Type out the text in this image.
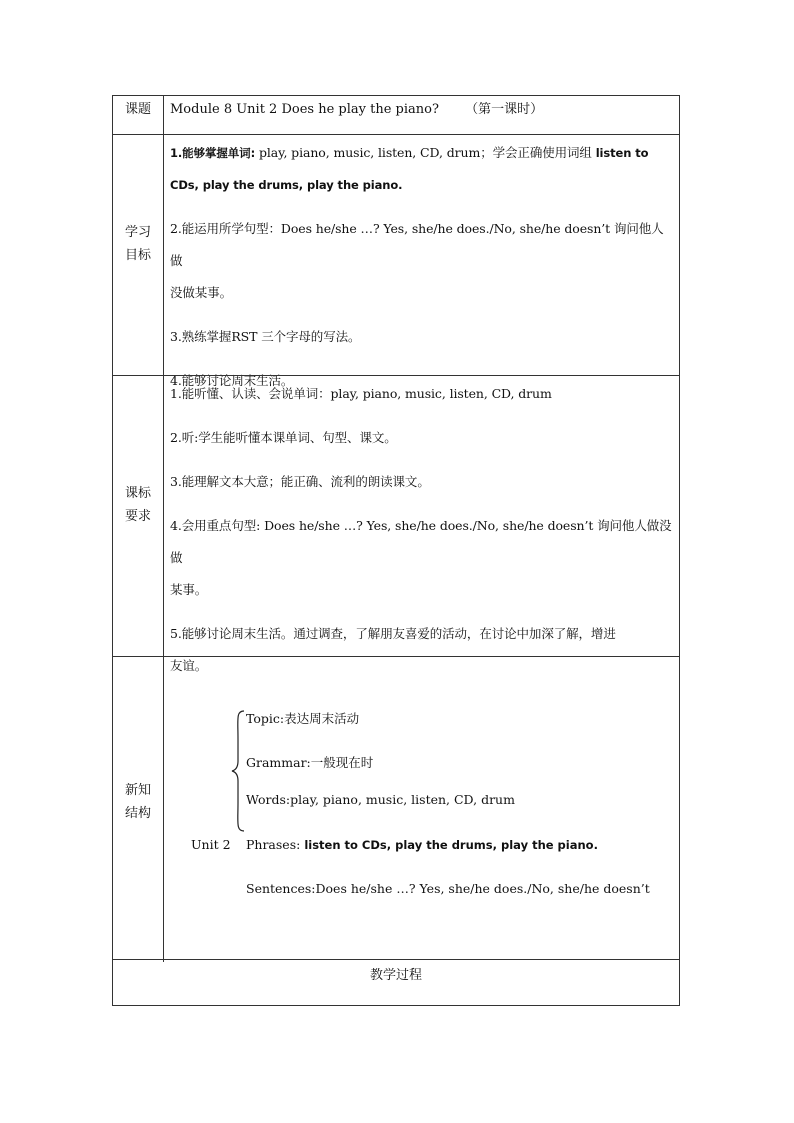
课题	Module 8 Unit 2 Does he play the piano? （第一课时）
学习
目标

1.能够掌握单词: play, piano, music, listen, CD, drum；学会正确使用词组 listen to

CDs, play the drums, play the piano.

2.能运用所学句型：Does he/she …? Yes, she/he does./No, she/he doesn’t 询问他人做

没做某事。

3.熟练掌握RST 三个字母的写法。

4.能够讨论周末生活。

课标
要求

1.能听懂、认读、会说单词：play, piano, music, listen, CD, drum

2.听:学生能听懂本课单词、句型、课文。

3.能理解文本大意；能正确、流利的朗读课文。

4.会用重点句型: Does he/she …? Yes, she/he does./No, she/he doesn’t 询问他人做没做

某事。

5.能够讨论周末生活。通过调查，了解朋友喜爱的活动，在讨论中加深了解，增进

友谊。

新知
结构
Unit 2
Topic:表达周末活动
Grammar:一般现在时
Words:play, piano, music, listen, CD, drum
Phrases: listen to CDs, play the drums, play the piano.
Sentences:Does he/she …? Yes, she/he does./No, she/he doesn’t
教学过程
